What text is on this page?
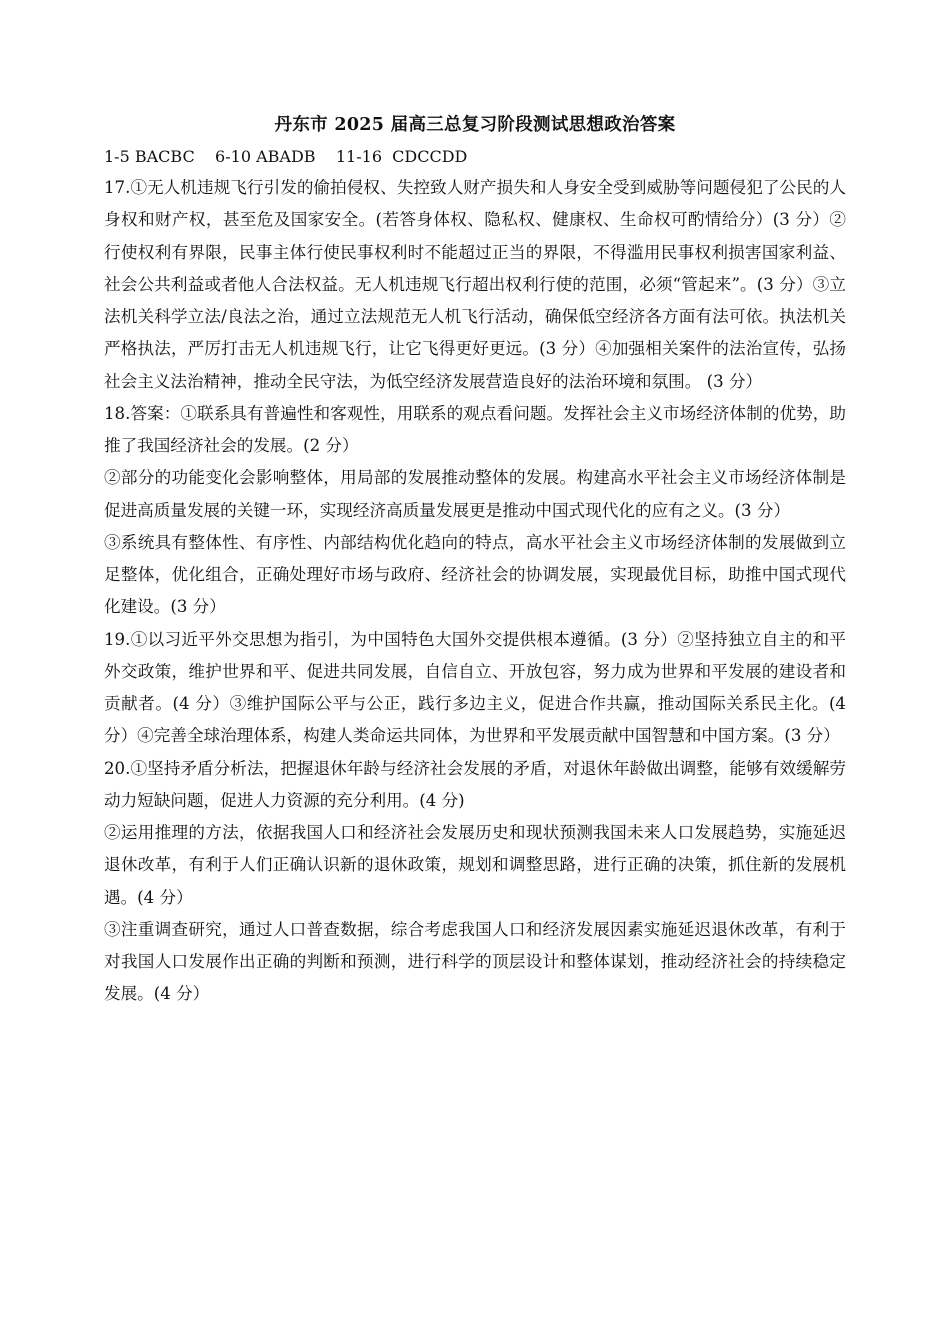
丹东市 2025 届高三总复习阶段测试思想政治答案
1-5 BACBC    6-10 ABADB    11-16  CDCCDD

17.①无人机违规飞行引发的偷拍侵权、失控致人财产损失和人身安全受到威胁等问题侵犯了公民的人身权和财产权，甚至危及国家安全。(若答身体权、隐私权、健康权、生命权可酌情给分）(3 分）②行使权利有界限，民事主体行使民事权利时不能超过正当的界限，不得滥用民事权利损害国家利益、社会公共利益或者他人合法权益。无人机违规飞行超出权利行使的范围，必须“管起来”。(3 分）③立法机关科学立法/良法之治，通过立法规范无人机飞行活动，确保低空经济各方面有法可依。执法机关严格执法，严厉打击无人机违规飞行，让它飞得更好更远。(3 分）④加强相关案件的法治宣传，弘扬社会主义法治精神，推动全民守法，为低空经济发展营造良好的法治环境和氛围。 (3 分）

18.答案：①联系具有普遍性和客观性，用联系的观点看问题。发挥社会主义市场经济体制的优势，助推了我国经济社会的发展。(2 分）

②部分的功能变化会影响整体，用局部的发展推动整体的发展。构建高水平社会主义市场经济体制是促进高质量发展的关键一环，实现经济高质量发展更是推动中国式现代化的应有之义。(3 分）

③系统具有整体性、有序性、内部结构优化趋向的特点，高水平社会主义市场经济体制的发展做到立足整体，优化组合，正确处理好市场与政府、经济社会的协调发展，实现最优目标，助推中国式现代化建设。(3 分）

19.①以习近平外交思想为指引，为中国特色大国外交提供根本遵循。(3 分）②坚持独立自主的和平外交政策，维护世界和平、促进共同发展，自信自立、开放包容，努力成为世界和平发展的建设者和贡献者。(4 分）③维护国际公平与公正，践行多边主义，促进合作共赢，推动国际关系民主化。(4 分）④完善全球治理体系，构建人类命运共同体，为世界和平发展贡献中国智慧和中国方案。(3 分）

20.①坚持矛盾分析法，把握退休年龄与经济社会发展的矛盾，对退休年龄做出调整，能够有效缓解劳动力短缺问题，促进人力资源的充分利用。(4 分)

②运用推理的方法，依据我国人口和经济社会发展历史和现状预测我国未来人口发展趋势，实施延迟退休改革，有利于人们正确认识新的退休政策，规划和调整思路，进行正确的决策，抓住新的发展机遇。(4 分）

③注重调查研究，通过人口普查数据，综合考虑我国人口和经济发展因素实施延迟退休改革，有利于对我国人口发展作出正确的判断和预测，进行科学的顶层设计和整体谋划，推动经济社会的持续稳定发展。(4 分）
